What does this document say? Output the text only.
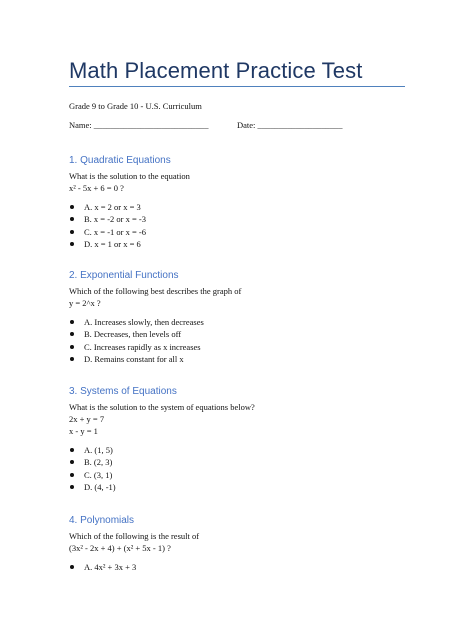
Math Placement Practice Test
Grade 9 to Grade 10 - U.S. Curriculum
Name: ___________________________	Date: ____________________
1. Quadratic Equations
What is the solution to the equation
x² - 5x + 6 = 0 ?
A. x = 2 or x = 3
B. x = -2 or x = -3
C. x = -1 or x = -6
D. x = 1 or x = 6
2. Exponential Functions
Which of the following best describes the graph of
y = 2^x ?
A. Increases slowly, then decreases
B. Decreases, then levels off
C. Increases rapidly as x increases
D. Remains constant for all x
3. Systems of Equations
What is the solution to the system of equations below?
2x + y = 7
x - y = 1
A. (1, 5)
B. (2, 3)
C. (3, 1)
D. (4, -1)
4. Polynomials
Which of the following is the result of
(3x² - 2x + 4) + (x² + 5x - 1) ?
A. 4x² + 3x + 3
